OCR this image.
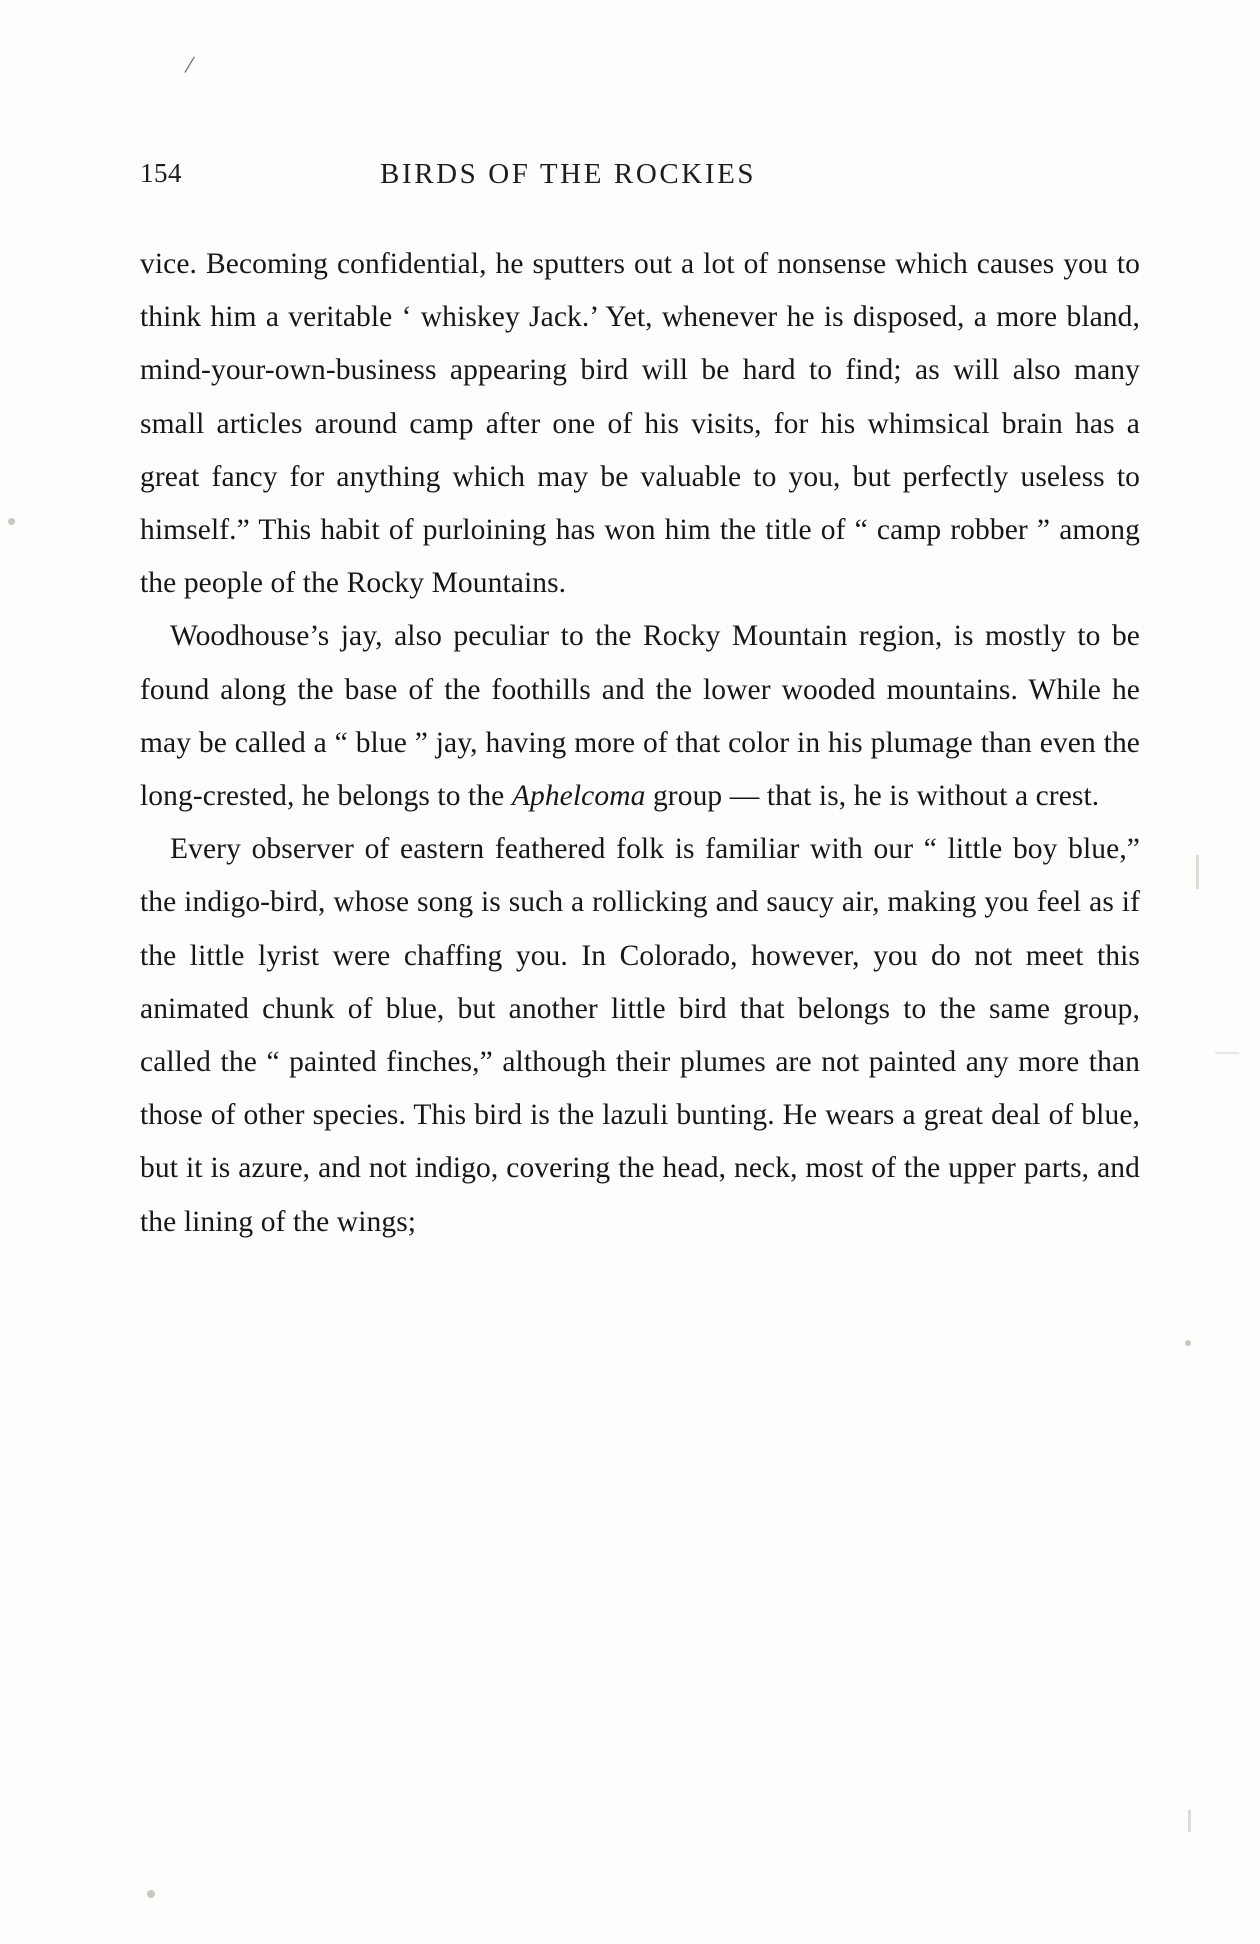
/
154	BIRDS OF THE ROCKIES

vice. Becoming confidential, he sputters out a lot of nonsense which causes you to think him a veritable ‘ whiskey Jack.’ Yet, whenever he is disposed, a more bland, mind-your-own-business appearing bird will be hard to find; as will also many small articles around camp after one of his visits, for his whimsical brain has a great fancy for anything which may be valuable to you, but perfectly useless to himself.” This habit of purloining has won him the title of “ camp robber ” among the people of the Rocky Mountains.

Woodhouse’s jay, also peculiar to the Rocky Mountain region, is mostly to be found along the base of the foothills and the lower wooded mountains. While he may be called a “ blue ” jay, having more of that color in his plumage than even the long-crested, he belongs to the Aphelcoma group — that is, he is without a crest.

Every observer of eastern feathered folk is familiar with our “ little boy blue,” the indigo-bird, whose song is such a rollicking and saucy air, making you feel as if the little lyrist were chaffing you. In Colorado, however, you do not meet this animated chunk of blue, but another little bird that belongs to the same group, called the “ painted finches,” although their plumes are not painted any more than those of other species. This bird is the lazuli bunting. He wears a great deal of blue, but it is azure, and not indigo, covering the head, neck, most of the upper parts, and the lining of the wings;
